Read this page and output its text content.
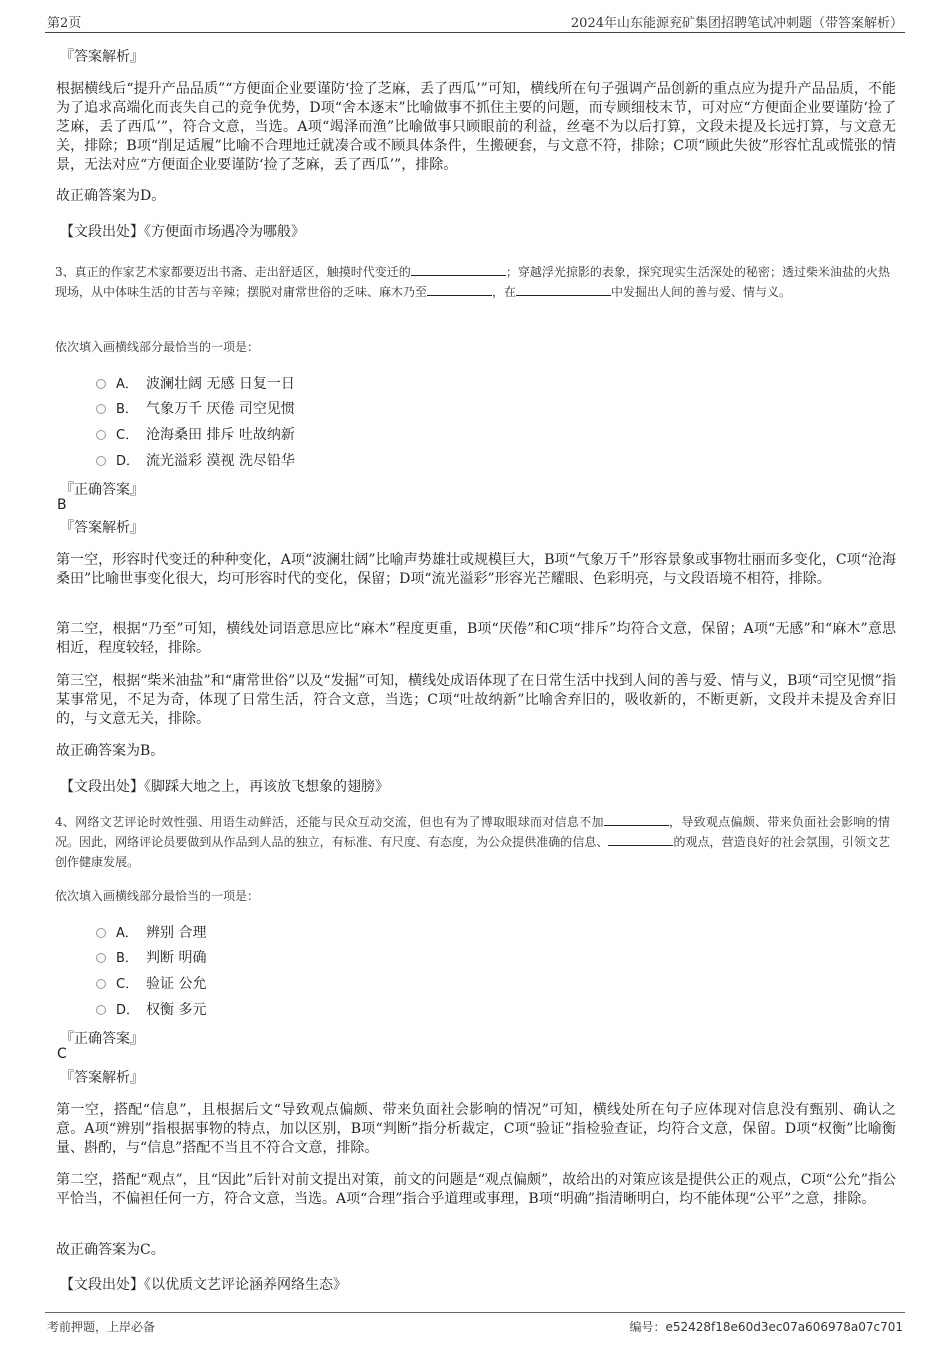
第2页	2024年山东能源兖矿集团招聘笔试冲刺题（带答案解析）
『答案解析』
根据横线后“提升产品品质”“方便面企业要谨防‘捡了芝麻，丢了西瓜’”可知，横线所在句子强调产品创新的重点应为提升产品品质，不能为了追求高端化而丧失自己的竞争优势，D项“舍本逐末”比喻做事不抓住主要的问题，而专顾细枝末节，可对应“方便面企业要谨防‘捡了芝麻，丢了西瓜’”，符合文意，当选。A项“竭泽而渔”比喻做事只顾眼前的利益，丝毫不为以后打算，文段未提及长远打算，与文意无关，排除；B项“削足适履”比喻不合理地迁就凑合或不顾具体条件，生搬硬套，与文意不符，排除；C项“顾此失彼”形容忙乱或慌张的情景，无法对应“方便面企业要谨防‘捡了芝麻，丢了西瓜’”，排除。
故正确答案为D。
【文段出处】《方便面市场遇冷为哪般》
3、真正的作家艺术家都要迈出书斋、走出舒适区，触摸时代变迁的	；穿越浮光掠影的表象，探究现实生活深处的秘密；透过柴米油盐的火热现场，从中体味生活的甘苦与辛辣；摆脱对庸常世俗的乏味、麻木乃至	，在	中发掘出人间的善与爱、情与义。
依次填入画横线部分最恰当的一项是：
A． 波澜壮阔 无感 日复一日
B． 气象万千 厌倦 司空见惯
C． 沧海桑田 排斥 吐故纳新
D． 流光溢彩 漠视 洗尽铅华
『正确答案』
B
『答案解析』
第一空，形容时代变迁的种种变化，A项“波澜壮阔”比喻声势雄壮或规模巨大，B项“气象万千”形容景象或事物壮丽而多变化，C项“沧海桑田”比喻世事变化很大，均可形容时代的变化，保留；D项“流光溢彩”形容光芒耀眼、色彩明亮，与文段语境不相符，排除。
第二空，根据“乃至”可知，横线处词语意思应比“麻木”程度更重，B项“厌倦”和C项“排斥”均符合文意，保留；A项“无感”和“麻木”意思相近，程度较轻，排除。
第三空，根据“柴米油盐”和“庸常世俗”以及“发掘”可知，横线处成语体现了在日常生活中找到人间的善与爱、情与义，B项“司空见惯”指某事常见，不足为奇，体现了日常生活，符合文意，当选；C项“吐故纳新”比喻舍弃旧的，吸收新的，不断更新，文段并未提及舍弃旧的，与文意无关，排除。
故正确答案为B。
【文段出处】《脚踩大地之上，再该放飞想象的翅膀》
4、网络文艺评论时效性强、用语生动鲜活，还能与民众互动交流，但也有为了博取眼球而对信息不加	，导致观点偏颇、带来负面社会影响的情况。因此，网络评论员要做到从作品到人品的独立，有标准、有尺度、有态度，为公众提供准确的信息、	的观点，营造良好的社会氛围，引领文艺创作健康发展。
依次填入画横线部分最恰当的一项是：
A． 辨别 合理
B． 判断 明确
C． 验证 公允
D． 权衡 多元
『正确答案』
C
『答案解析』
第一空，搭配“信息”，且根据后文“导致观点偏颇、带来负面社会影响的情况”可知，横线处所在句子应体现对信息没有甄别、确认之意。A项“辨别”指根据事物的特点，加以区别，B项“判断”指分析裁定，C项“验证”指检验查证，均符合文意，保留。D项“权衡”比喻衡量、斟酌，与“信息”搭配不当且不符合文意，排除。
第二空，搭配“观点”，且“因此”后针对前文提出对策，前文的问题是“观点偏颇”，故给出的对策应该是提供公正的观点，C项“公允”指公平恰当，不偏袒任何一方，符合文意，当选。A项“合理”指合乎道理或事理，B项“明确”指清晰明白，均不能体现“公平”之意，排除。
故正确答案为C。
【文段出处】《以优质文艺评论涵养网络生态》
考前押题，上岸必备	编号：e52428f18e60d3ec07a606978a07c701
